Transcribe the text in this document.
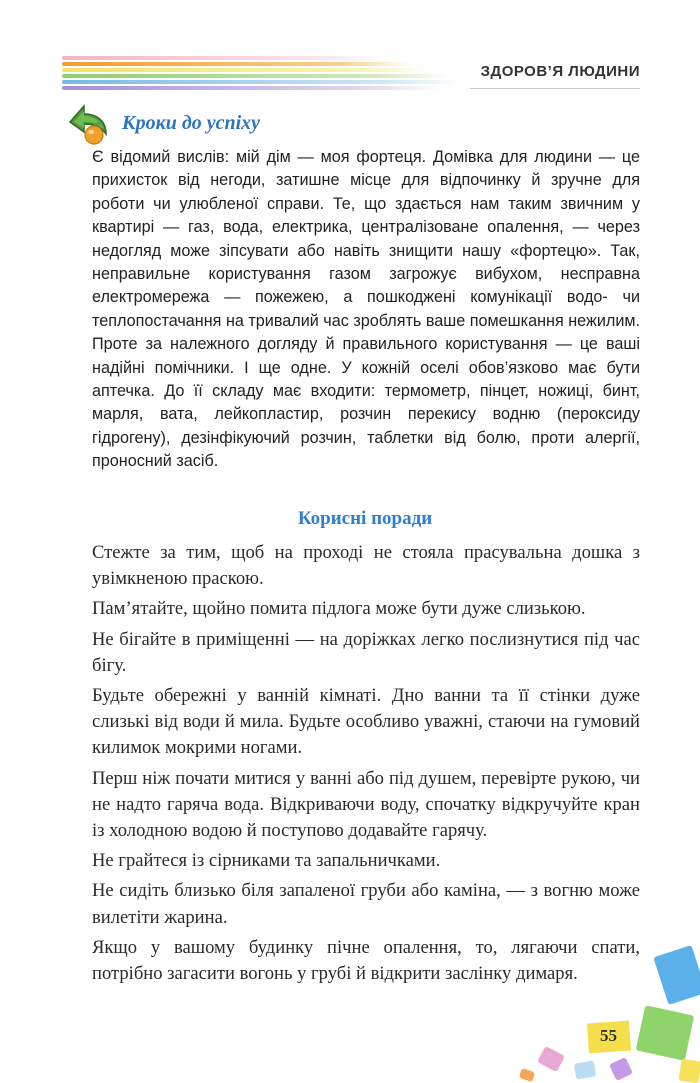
ЗДОРОВ’Я ЛЮДИНИ
Кроки до успіху

Є відомий вислів: мій дім — моя фортеця. Домівка для людини — це прихисток від негоди, затишне місце для відпочинку й зручне для роботи чи улюбленої справи. Те, що здається нам таким звичним у квартирі — газ, вода, електрика, централізоване опалення, — через недогляд може зіпсувати або навіть знищити нашу «фортецю». Так, неправильне користування газом загрожує вибухом, несправна електромережа — пожежею, а пошкоджені комунікації водо- чи теплопостачання на тривалий час зроблять ваше помешкання нежилим. Проте за належного догляду й правильного користування — це ваші надійні помічники. І ще одне. У кожній оселі обов’язково має бути аптечка. До її складу має входити: термометр, пінцет, ножиці, бинт, марля, вата, лейкопластир, розчин перекису водню (пероксиду гідрогену), дезінфікуючий розчин, таблетки від болю, проти алергії, проносний засіб.

Корисні поради
Стежте за тим, щоб на проході не стояла прасувальна дошка з увімкненою праскою.
Пам’ятайте, щойно помита підлога може бути дуже слизькою.
Не бігайте в приміщенні — на доріжках легко послизнутися під час бігу.
Будьте обережні у ванній кімнаті. Дно ванни та її стінки дуже слизькі від води й мила. Будьте особливо уважні, стаючи на гумовий килимок мокрими ногами.
Перш ніж почати митися у ванні або під душем, перевірте рукою, чи не надто гаряча вода. Відкриваючи воду, спочатку відкручуйте кран із холодною водою й поступово додавайте гарячу.
Не грайтеся із сірниками та запальничками.
Не сидіть близько біля запаленої груби або каміна, — з вогню може вилетіти жарина.
Якщо у вашому будинку пічне опалення, то, лягаючи спати, потрібно загасити вогонь у грубі й відкрити заслінку димаря.
55
